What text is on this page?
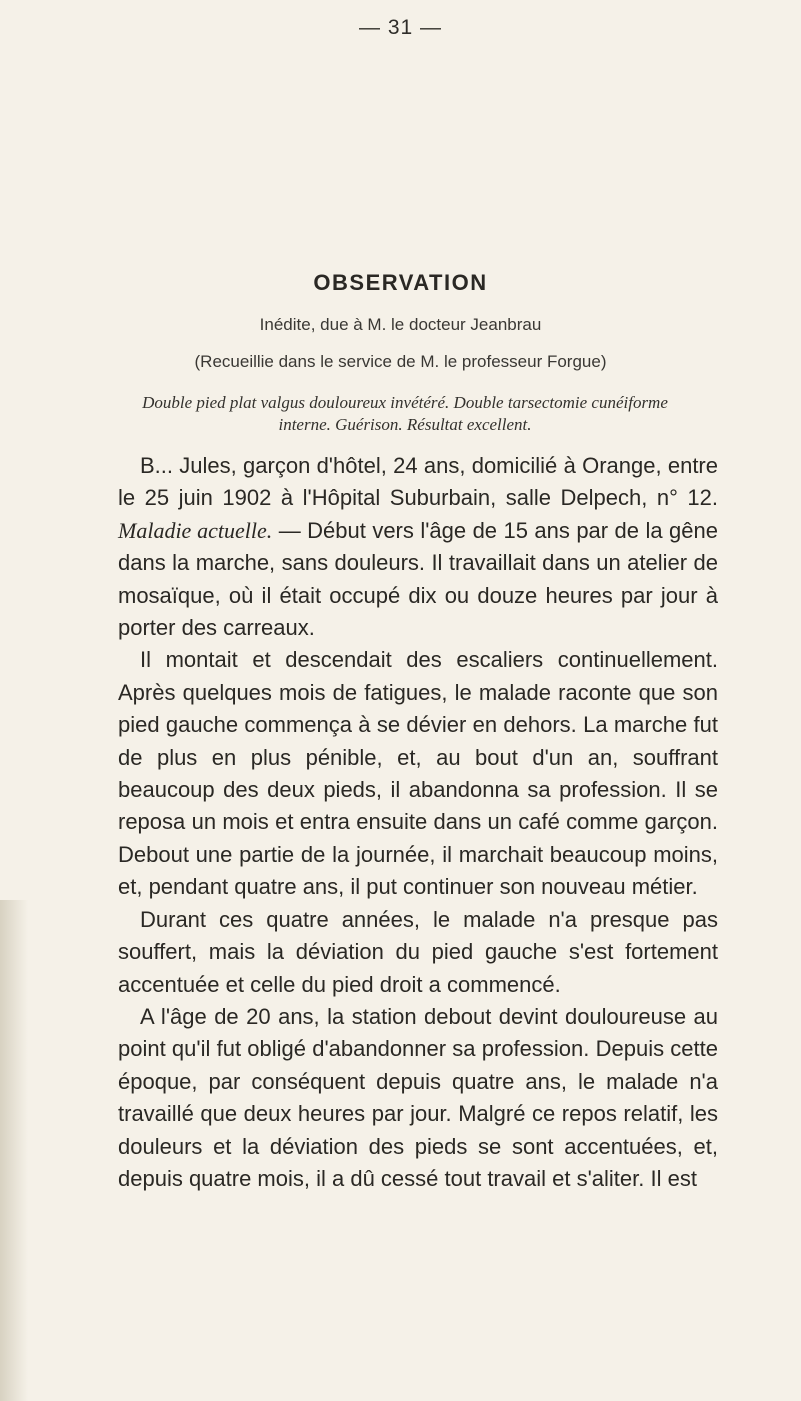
— 31 —
OBSERVATION
Inédite, due à M. le docteur Jeanbrau
(Recueillie dans le service de M. le professeur Forgue)
Double pied plat valgus douloureux invétéré. Double tarsectomie cunéiforme interne. Guérison. Résultat excellent.

B... Jules, garçon d'hôtel, 24 ans, domicilié à Orange, entre le 25 juin 1902 à l'Hôpital Suburbain, salle Delpech, n° 12. Maladie actuelle. — Début vers l'âge de 15 ans par de la gêne dans la marche, sans douleurs. Il travaillait dans un atelier de mosaïque, où il était occupé dix ou douze heures par jour à porter des carreaux.

Il montait et descendait des escaliers continuellement. Après quelques mois de fatigues, le malade raconte que son pied gauche commença à se dévier en dehors. La marche fut de plus en plus pénible, et, au bout d'un an, souffrant beaucoup des deux pieds, il abandonna sa profession. Il se reposa un mois et entra ensuite dans un café comme garçon. Debout une partie de la journée, il marchait beaucoup moins, et, pendant quatre ans, il put continuer son nouveau métier.

Durant ces quatre années, le malade n'a presque pas souffert, mais la déviation du pied gauche s'est fortement accentuée et celle du pied droit a commencé.

A l'âge de 20 ans, la station debout devint douloureuse au point qu'il fut obligé d'abandonner sa profession. Depuis cette époque, par conséquent depuis quatre ans, le malade n'a travaillé que deux heures par jour. Malgré ce repos relatif, les douleurs et la déviation des pieds se sont accentuées, et, depuis quatre mois, il a dû cessé tout travail et s'aliter. Il est
